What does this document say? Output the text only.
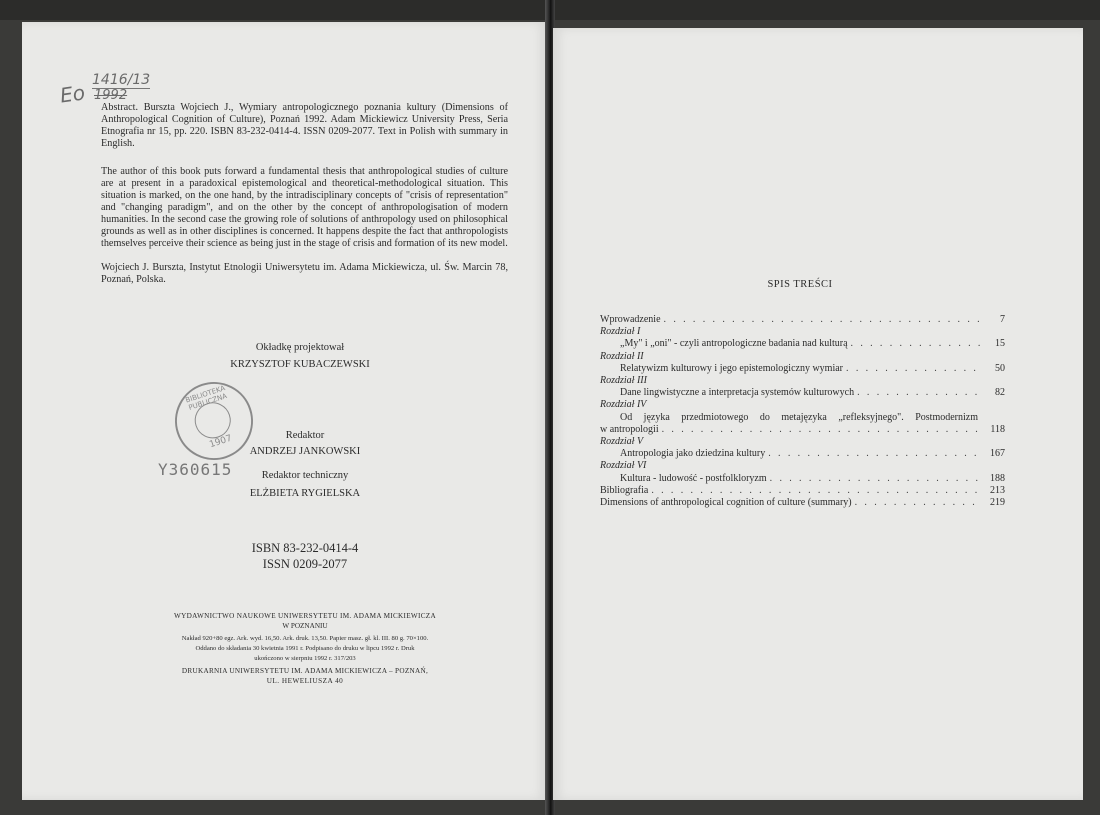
Eo
1416/13
1992

Abstract. Burszta Wojciech J., Wymiary antropologicznego poznania kultury (Dimensions of Anthropological Cognition of Culture), Poznań 1992. Adam Mickiewicz University Press, Seria Etnografia nr 15, pp. 220. ISBN 83-232-0414-4. ISSN 0209-2077. Text in Polish with summary in English.

The author of this book puts forward a fundamental thesis that anthropological studies of culture are at present in a paradoxical epistemological and theoretical-methodological situation. This situation is marked, on the one hand, by the intradisciplinary concepts of "crisis of representation" and "changing paradigm", and on the other by the concept of anthropologisation of modern humanities. In the second case the growing role of solutions of anthropology used on philosophical grounds as well as in other disciplines is concerned. It happens despite the fact that anthropologists themselves perceive their science as being just in the stage of crisis and formation of its new model.

Wojciech J. Burszta, Instytut Etnologii Uniwersytetu im. Adama Mickiewicza, ul. Św. Marcin 78, Poznań, Polska.

Okładkę projektował
KRZYSZTOF KUBACZEWSKI
BIBLIOTEKA PUBLICZNA
1907
Y360615
Redaktor
ANDRZEJ JANKOWSKI
Redaktor techniczny
ELŻBIETA RYGIELSKA
ISBN 83-232-0414-4
ISSN 0209-2077
WYDAWNICTWO NAUKOWE UNIWERSYTETU IM. ADAMA MICKIEWICZA
W POZNANIU
Nakład 920+80 egz. Ark. wyd. 16,50. Ark. druk. 13,50. Papier masz. gł. kl. III. 80 g. 70×100.
Oddano do składania 30 kwietnia 1991 r. Podpisano do druku w lipcu 1992 r. Druk
ukończono w sierpniu 1992 r. 317/203
DRUKARNIA UNIWERSYTETU IM. ADAMA MICKIEWICZA – POZNAŃ,
UL. HEWELIUSZA 40
SPIS TREŚCI
Wprowadzenie . . .	7
Rozdział I
„My" i „oni" - czyli antropologiczne badania nad kulturą . . .	15
Rozdział II
Relatywizm kulturowy i jego epistemologiczny wymiar . . .	50
Rozdział III
Dane lingwistyczne a interpretacja systemów kulturowych . . .	82
Rozdział IV
Od języka przedmiotowego do metajęzyka „refleksyjnego". Postmodernizm
w antropologii . . .	118
Rozdział V
Antropologia jako dziedzina kultury . . .	167
Rozdział VI
Kultura - ludowość - postfolkloryzm . . .	188
Bibliografia . . .	213
Dimensions of anthropological cognition of culture (summary) . . .	219
